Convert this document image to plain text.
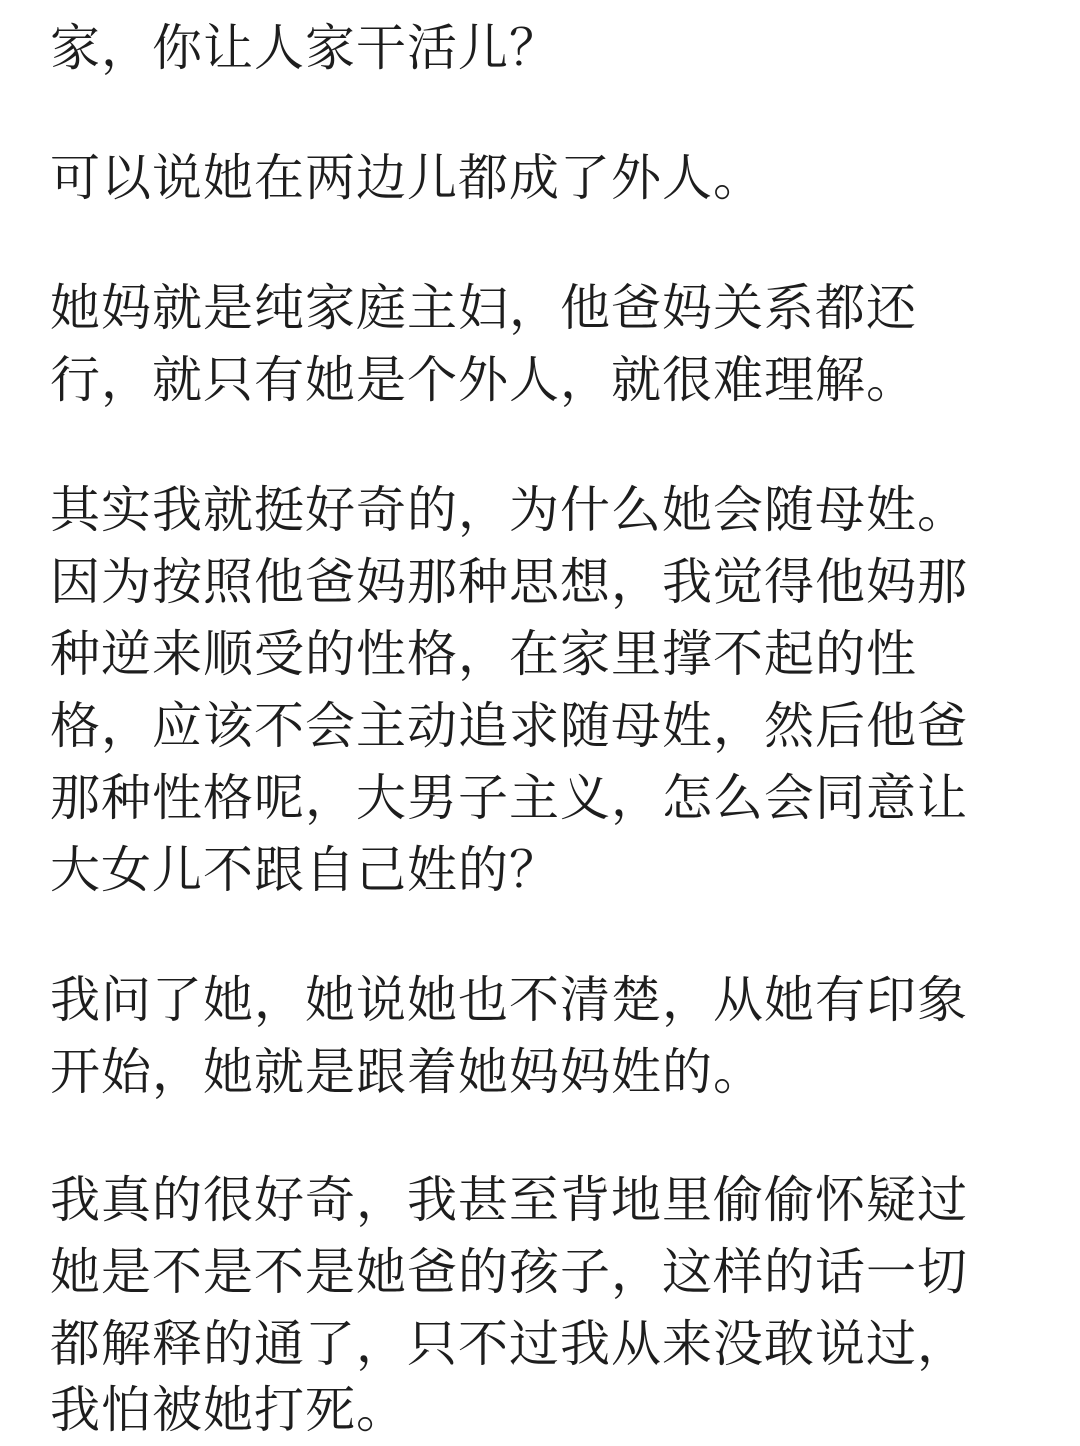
家，你让人家干活儿？
可以说她在两边儿都成了外人。
她妈就是纯家庭主妇，他爸妈关系都还
行，就只有她是个外人，就很难理解。
其实我就挺好奇的，为什么她会随母姓。
因为按照他爸妈那种思想，我觉得他妈那
种逆来顺受的性格，在家里撑不起的性
格，应该不会主动追求随母姓，然后他爸
那种性格呢，大男子主义，怎么会同意让
大女儿不跟自己姓的？
我问了她，她说她也不清楚，从她有印象
开始，她就是跟着她妈妈姓的。
我真的很好奇，我甚至背地里偷偷怀疑过
她是不是不是她爸的孩子，这样的话一切
都解释的通了，只不过我从来没敢说过，
我怕被她打死。
